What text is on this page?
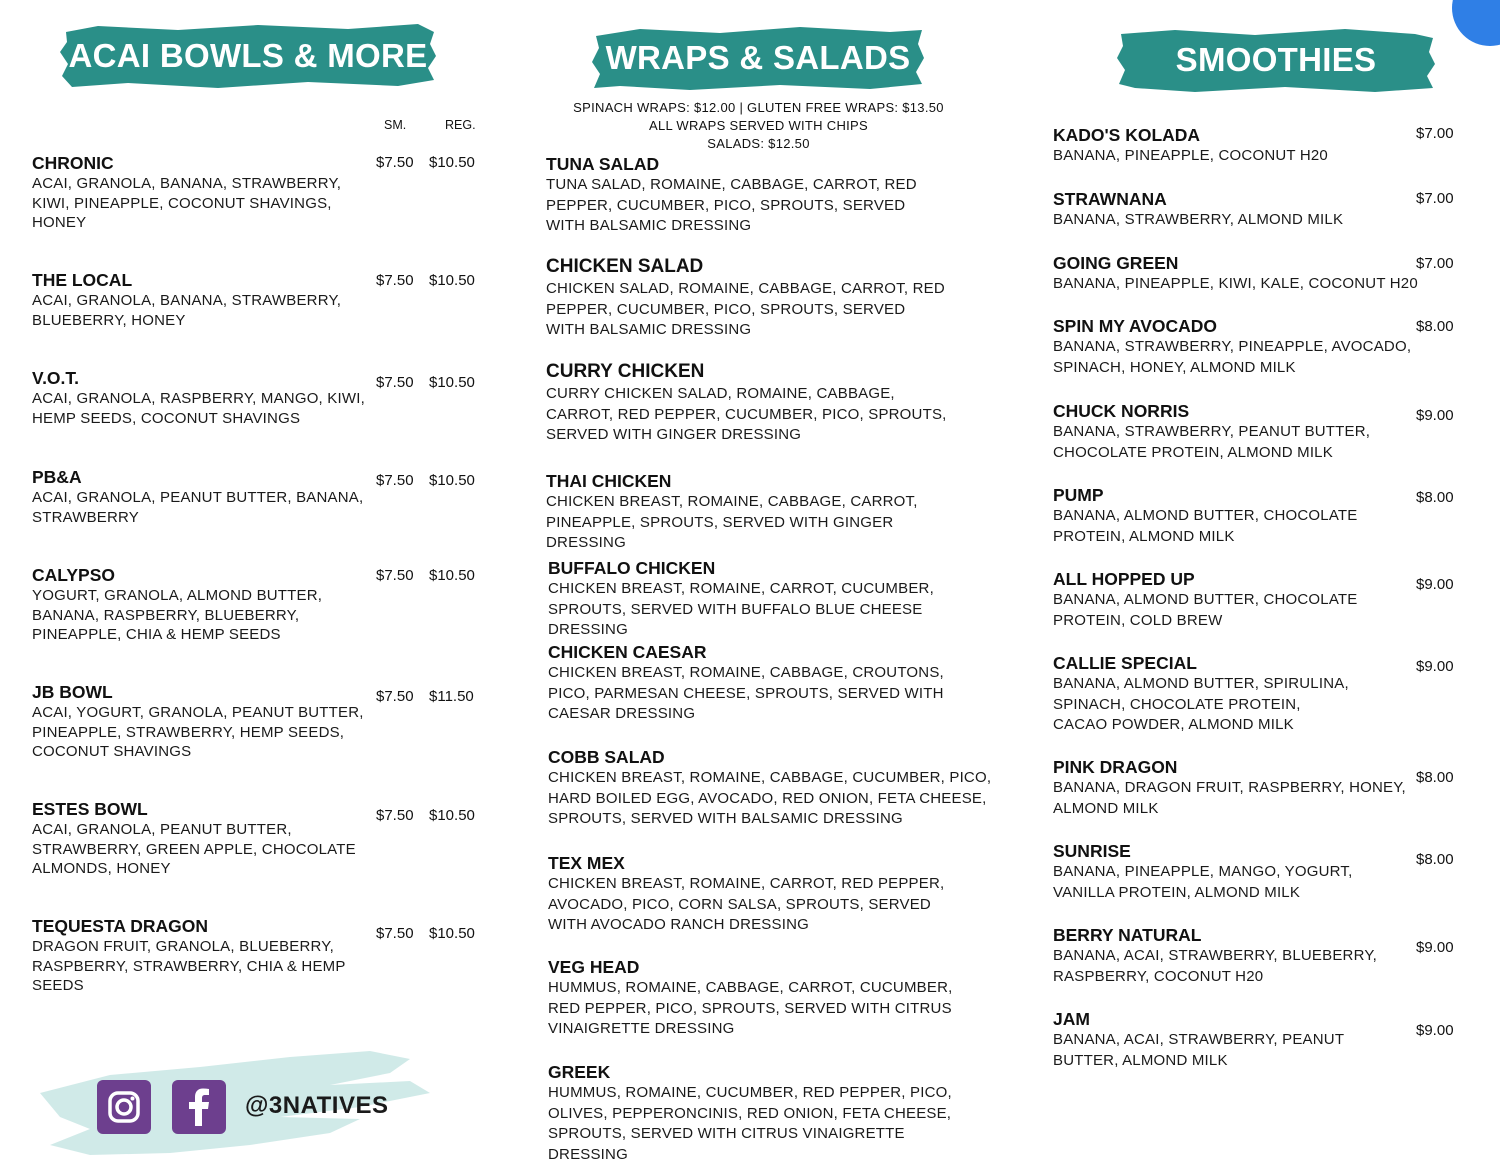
ACAI BOWLS & MORE	WRAPS & SALADS	SMOOTHIES
SM.	REG.
CHRONIC
ACAI, GRANOLA, BANANA, STRAWBERRY, KIWI, PINEAPPLE, COCONUT SHAVINGS, HONEY
$7.50 $10.50
THE LOCAL
ACAI, GRANOLA, BANANA, STRAWBERRY, BLUEBERRY, HONEY
$7.50 $10.50
V.O.T.
ACAI, GRANOLA, RASPBERRY, MANGO, KIWI, HEMP SEEDS, COCONUT SHAVINGS
$7.50 $10.50
PB&A
ACAI, GRANOLA, PEANUT BUTTER, BANANA, STRAWBERRY
$7.50 $10.50
CALYPSO
YOGURT, GRANOLA, ALMOND BUTTER, BANANA, RASPBERRY, BLUEBERRY, PINEAPPLE, CHIA & HEMP SEEDS
$7.50 $10.50
JB BOWL
ACAI, YOGURT, GRANOLA, PEANUT BUTTER, PINEAPPLE, STRAWBERRY, HEMP SEEDS, COCONUT SHAVINGS
$7.50 $11.50
ESTES BOWL
ACAI, GRANOLA, PEANUT BUTTER, STRAWBERRY, GREEN APPLE, CHOCOLATE ALMONDS, HONEY
$7.50 $10.50
TEQUESTA DRAGON
DRAGON FRUIT, GRANOLA, BLUEBERRY, RASPBERRY, STRAWBERRY, CHIA & HEMP SEEDS
$7.50 $10.50
@3NATIVES
SPINACH WRAPS: $12.00 | GLUTEN FREE WRAPS: $13.50
ALL WRAPS SERVED WITH CHIPS
SALADS: $12.50
TUNA SALAD
TUNA SALAD, ROMAINE, CABBAGE, CARROT, RED PEPPER, CUCUMBER, PICO, SPROUTS, SERVED WITH BALSAMIC DRESSING
CHICKEN SALAD
CHICKEN SALAD, ROMAINE, CABBAGE, CARROT, RED PEPPER, CUCUMBER, PICO, SPROUTS, SERVED WITH BALSAMIC DRESSING
CURRY CHICKEN
CURRY CHICKEN SALAD, ROMAINE, CABBAGE, CARROT, RED PEPPER, CUCUMBER, PICO, SPROUTS, SERVED WITH GINGER DRESSING
THAI CHICKEN
CHICKEN BREAST, ROMAINE, CABBAGE, CARROT, PINEAPPLE, SPROUTS, SERVED WITH GINGER DRESSING
BUFFALO CHICKEN
CHICKEN BREAST, ROMAINE, CARROT, CUCUMBER, SPROUTS, SERVED WITH BUFFALO BLUE CHEESE DRESSING
CHICKEN CAESAR
CHICKEN BREAST, ROMAINE, CABBAGE, CROUTONS, PICO, PARMESAN CHEESE, SPROUTS, SERVED WITH CAESAR DRESSING
COBB SALAD
CHICKEN BREAST, ROMAINE, CABBAGE, CUCUMBER, PICO, HARD BOILED EGG, AVOCADO, RED ONION, FETA CHEESE, SPROUTS, SERVED WITH BALSAMIC DRESSING
TEX MEX
CHICKEN BREAST, ROMAINE, CARROT, RED PEPPER, AVOCADO, PICO, CORN SALSA, SPROUTS, SERVED WITH AVOCADO RANCH DRESSING
VEG HEAD
HUMMUS, ROMAINE, CABBAGE, CARROT, CUCUMBER, RED PEPPER, PICO, SPROUTS, SERVED WITH CITRUS VINAIGRETTE DRESSING
GREEK
HUMMUS, ROMAINE, CUCUMBER, RED PEPPER, PICO, OLIVES, PEPPERONCINIS, RED ONION, FETA CHEESE, SPROUTS, SERVED WITH CITRUS VINAIGRETTE DRESSING
KADO'S KOLADA
BANANA, PINEAPPLE, COCONUT H20
$7.00
STRAWNANA
BANANA, STRAWBERRY, ALMOND MILK
$7.00
GOING GREEN
BANANA, PINEAPPLE, KIWI, KALE, COCONUT H20
$7.00
SPIN MY AVOCADO
BANANA, STRAWBERRY, PINEAPPLE, AVOCADO, SPINACH, HONEY, ALMOND MILK
$8.00
CHUCK NORRIS
BANANA, STRAWBERRY, PEANUT BUTTER, CHOCOLATE PROTEIN, ALMOND MILK
$9.00
PUMP
BANANA, ALMOND BUTTER, CHOCOLATE PROTEIN, ALMOND MILK
$8.00
ALL HOPPED UP
BANANA, ALMOND BUTTER, CHOCOLATE PROTEIN, COLD BREW
$9.00
CALLIE SPECIAL
BANANA, ALMOND BUTTER, SPIRULINA, SPINACH, CHOCOLATE PROTEIN, CACAO POWDER, ALMOND MILK
$9.00
PINK DRAGON
BANANA, DRAGON FRUIT, RASPBERRY, HONEY, ALMOND MILK
$8.00
SUNRISE
BANANA, PINEAPPLE, MANGO, YOGURT, VANILLA PROTEIN, ALMOND MILK
$8.00
BERRY NATURAL
BANANA, ACAI, STRAWBERRY, BLUEBERRY, RASPBERRY, COCONUT H20
$9.00
JAM
BANANA, ACAI, STRAWBERRY, PEANUT BUTTER, ALMOND MILK
$9.00
